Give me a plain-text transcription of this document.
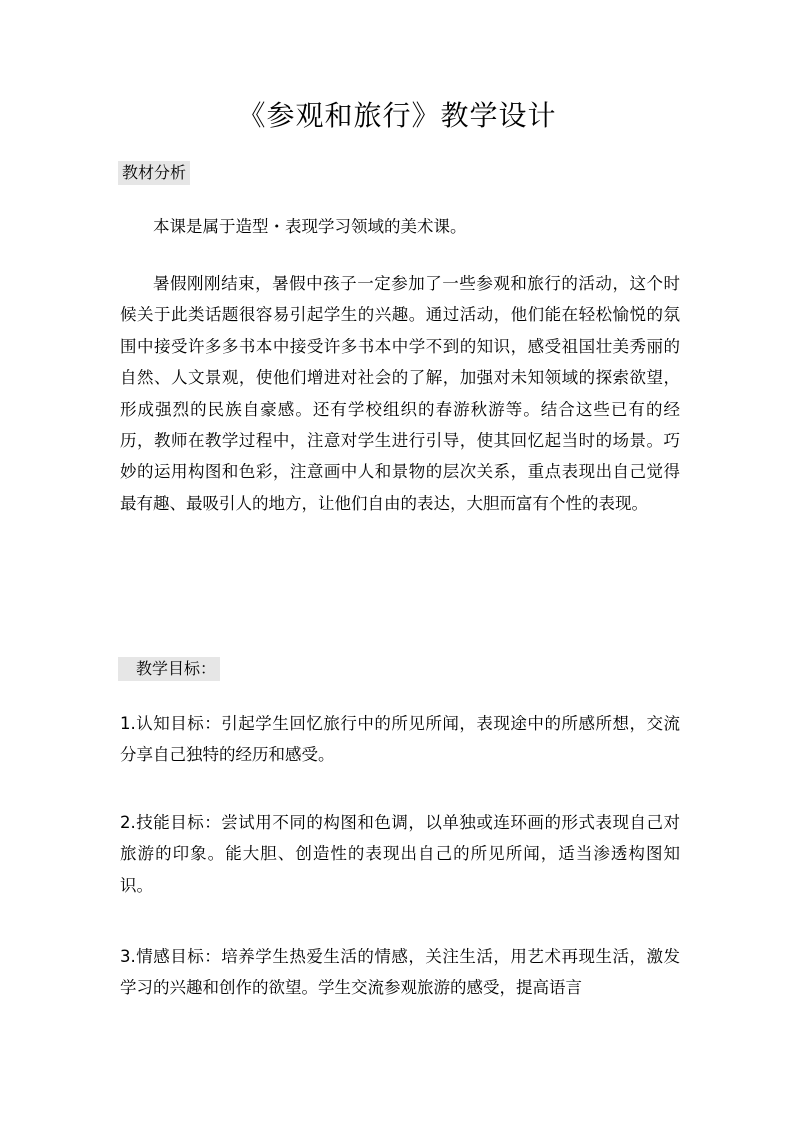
《参观和旅行》教学设计
教材分析
本课是属于造型・表现学习领域的美术课。
暑假刚刚结束，暑假中孩子一定参加了一些参观和旅行的活动，这个时候关于此类话题很容易引起学生的兴趣。通过活动，他们能在轻松愉悦的氛围中接受许多多书本中接受许多书本中学不到的知识，感受祖国壮美秀丽的自然、人文景观，使他们增进对社会的了解，加强对未知领域的探索欲望，形成强烈的民族自豪感。还有学校组织的春游秋游等。结合这些已有的经历，教师在教学过程中，注意对学生进行引导，使其回忆起当时的场景。巧妙的运用构图和色彩，注意画中人和景物的层次关系，重点表现出自己觉得最有趣、最吸引人的地方，让他们自由的表达，大胆而富有个性的表现。
教学目标：
1.认知目标：引起学生回忆旅行中的所见所闻，表现途中的所感所想，交流分享自己独特的经历和感受。
2.技能目标：尝试用不同的构图和色调，以单独或连环画的形式表现自己对旅游的印象。能大胆、创造性的表现出自己的所见所闻，适当渗透构图知识。
3.情感目标：培养学生热爱生活的情感，关注生活，用艺术再现生活，激发学习的兴趣和创作的欲望。学生交流参观旅游的感受，提高语言
